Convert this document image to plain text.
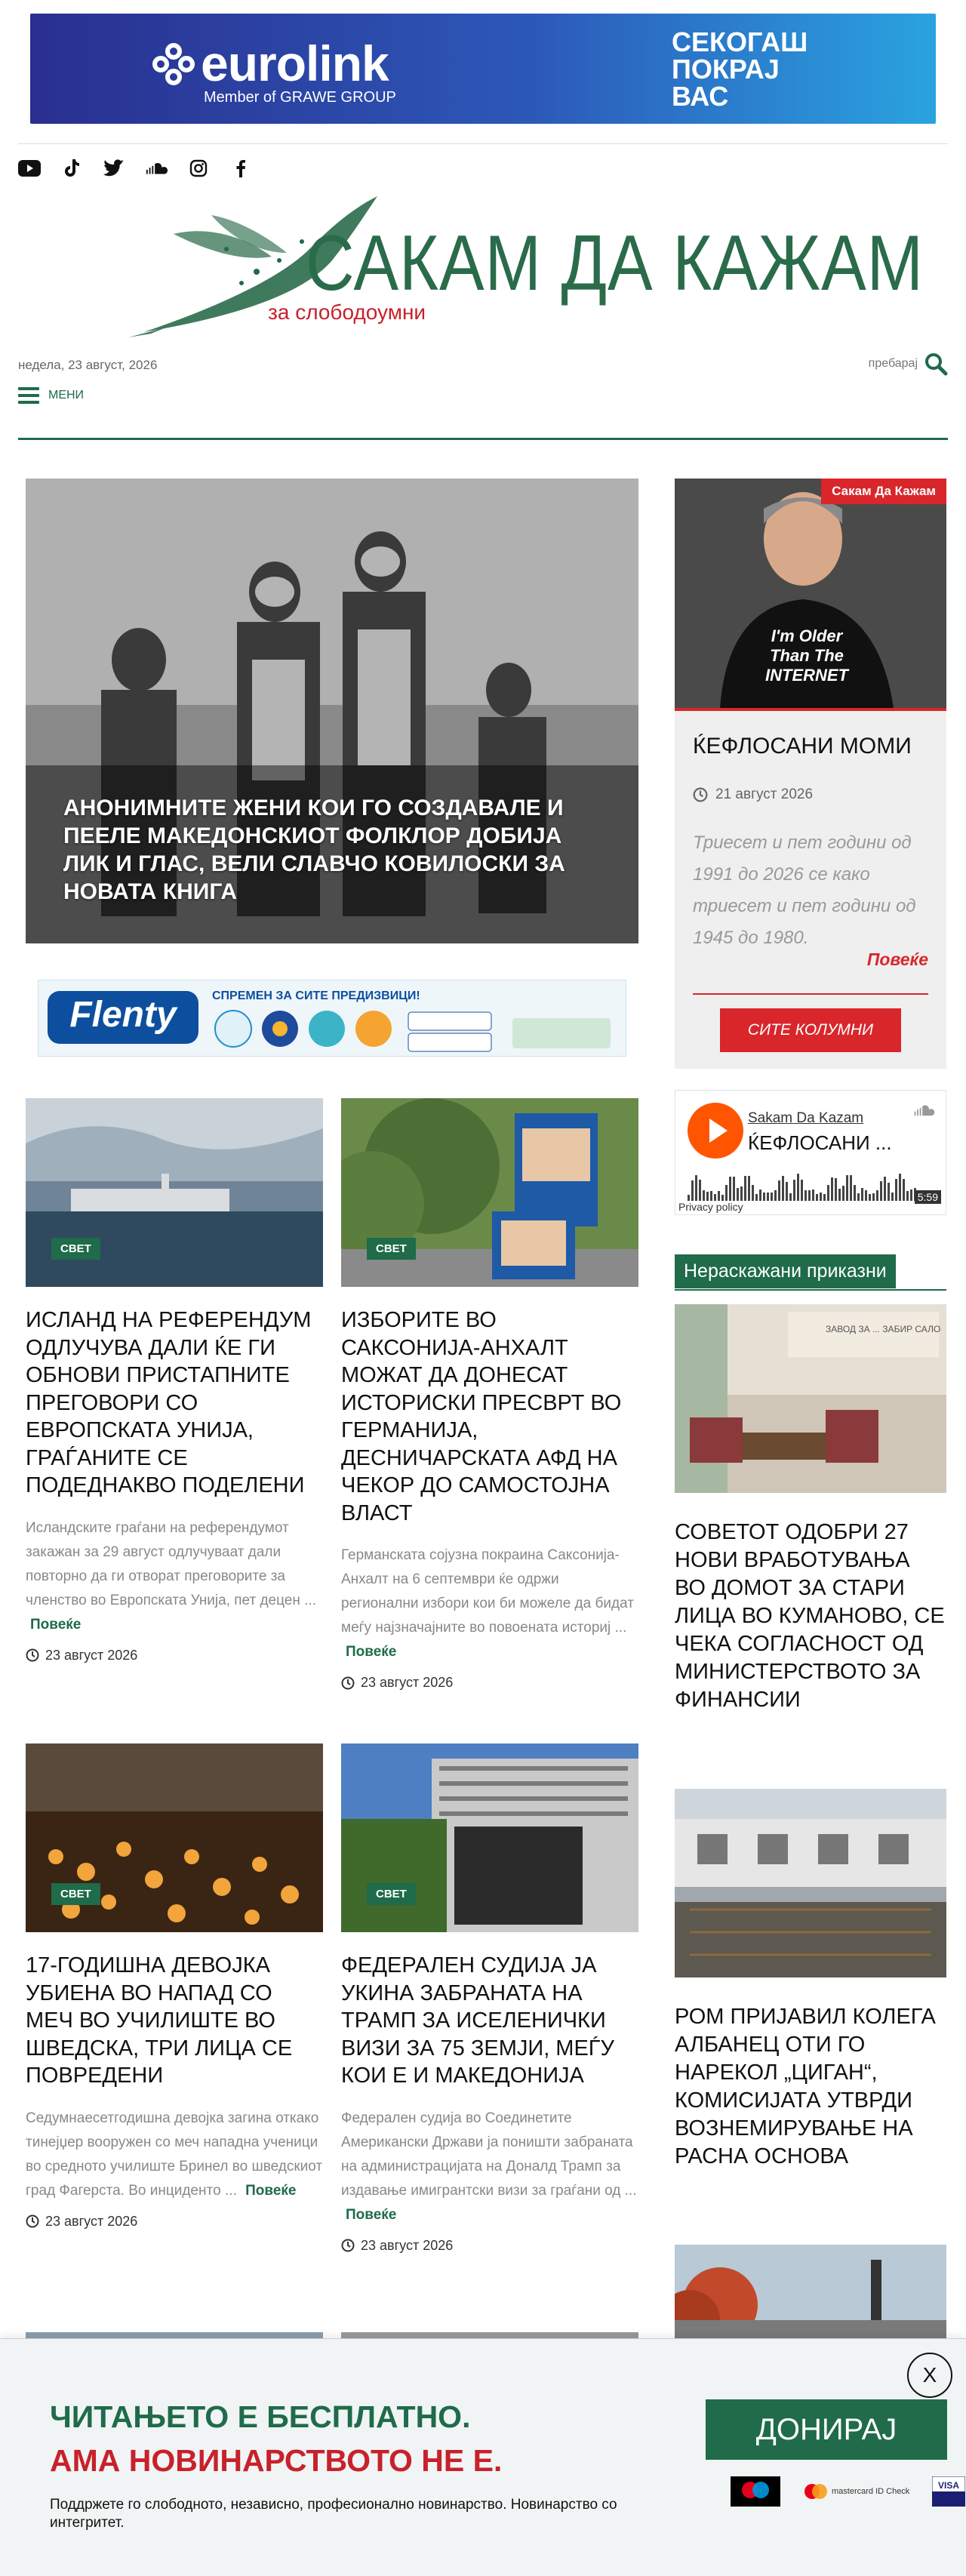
eurolink
Member of GRAWE GROUP
СЕКОГАШ
ПОКРАЈ
ВАС
САКАМ ДА КАЖАМ
за слободоумни
недела, 23 август, 2026
МЕНИ
пребарај
АНОНИМНИТЕ ЖЕНИ КОИ ГО СОЗДАВАЛЕ И ПЕЕЛЕ МАКЕДОНСКИОТ ФОЛКЛОР ДОБИЈА ЛИК И ГЛАС, ВЕЛИ СЛАВЧО КОВИЛОСКИ ЗА НОВАТА КНИГА
Flenty	СПРЕМЕН ЗА СИТЕ ПРЕДИЗВИЦИ!
СВЕТ
ИСЛАНД НА РЕФЕРЕНДУМ ОДЛУЧУВА ДАЛИ ЌЕ ГИ ОБНОВИ ПРИСТАПНИТЕ ПРЕГОВОРИ СО ЕВРОПСКАТА УНИЈА, ГРАЃАНИТЕ СЕ ПОДЕДНАКВО ПОДЕЛЕНИ
Исландските граѓани на референдумот закажан за 29 август одлучуваат дали повторно да ги отворат преговорите за членство во Европската Унија, пет децен ... Повеќе
23 август 2026
СВЕТ
ИЗБОРИТЕ ВО САКСОНИЈА-АНХАЛТ МОЖАТ ДА ДОНЕСАТ ИСТОРИСКИ ПРЕСВРТ ВО ГЕРМАНИЈА, ДЕСНИЧАРСКАТА АФД НА ЧЕКОР ДО САМОСТОЈНА ВЛАСТ
Германската сојузна покраина Саксонија-Анхалт на 6 септември ќе одржи регионални избори кои би можеле да бидат меѓу најзначајните во повоената историј ... Повеќе
23 август 2026
СВЕТ
17-ГОДИШНА ДЕВОЈКА УБИЕНА ВО НАПАД СО МЕЧ ВО УЧИЛИШТЕ ВО ШВЕДСКА, ТРИ ЛИЦА СЕ ПОВРЕДЕНИ
Седумнаесетгодишна девојка загина откако тинејџер вооружен со меч нападна ученици во средното училиште Бринел во шведскиот град Фагерста. Во инцидентo ... Повеќе
23 август 2026
СВЕТ
ФЕДЕРАЛЕН СУДИЈА ЈА УКИНА ЗАБРАНАТА НА ТРАМП ЗА ИСЕЛЕНИЧКИ ВИЗИ ЗА 75 ЗЕМЈИ, МЕЃУ КОИ Е И МАКЕДОНИЈА
Федерален судија во Соединетите Американски Држави ја поништи забраната на администрацијата на Доналд Трамп за издавање имигрантски визи за граѓани од ... Повеќе
23 август 2026
I'm Older Than The INTERNET
Сакам Да Кажам
ЌЕФЛОСАНИ МОМИ
21 август 2026
Триесет и пет години од 1991 до 2026 се како триесет и пет години од 1945 до 1980.
Повеќе
СИТЕ КОЛУМНИ
Sakam Da Kazam
ЌЕФЛОСАНИ ...
Privacy policy
5:59
Нераскажани приказни
ЗАВОД ЗА ... ЗАБИР САЛО
СОВЕТОТ ОДОБРИ 27 НОВИ ВРАБОТУВАЊА ВО ДОМОТ ЗА СТАРИ ЛИЦА ВО КУМАНОВО, СЕ ЧЕКА СОГЛАСНОСТ ОД МИНИСТЕРСТВОТО ЗА ФИНАНСИИ
РОМ ПРИЈАВИЛ КОЛЕГА АЛБАНЕЦ ОТИ ГО НАРЕКОЛ „ЦИГАН“, КОМИСИЈАТА УТВРДИ ВОЗНЕМИРУВАЊЕ НА РАСНА ОСНОВА
X
ЧИТАЊЕТО Е БЕСПЛАТНО.
АМА НОВИНАРСТВОТО НЕ Е.
Поддржете го слободното, независно, професионално новинарство. Новинарство со интегритет.
ДОНИРАЈ
mastercard ID Check
VISA
